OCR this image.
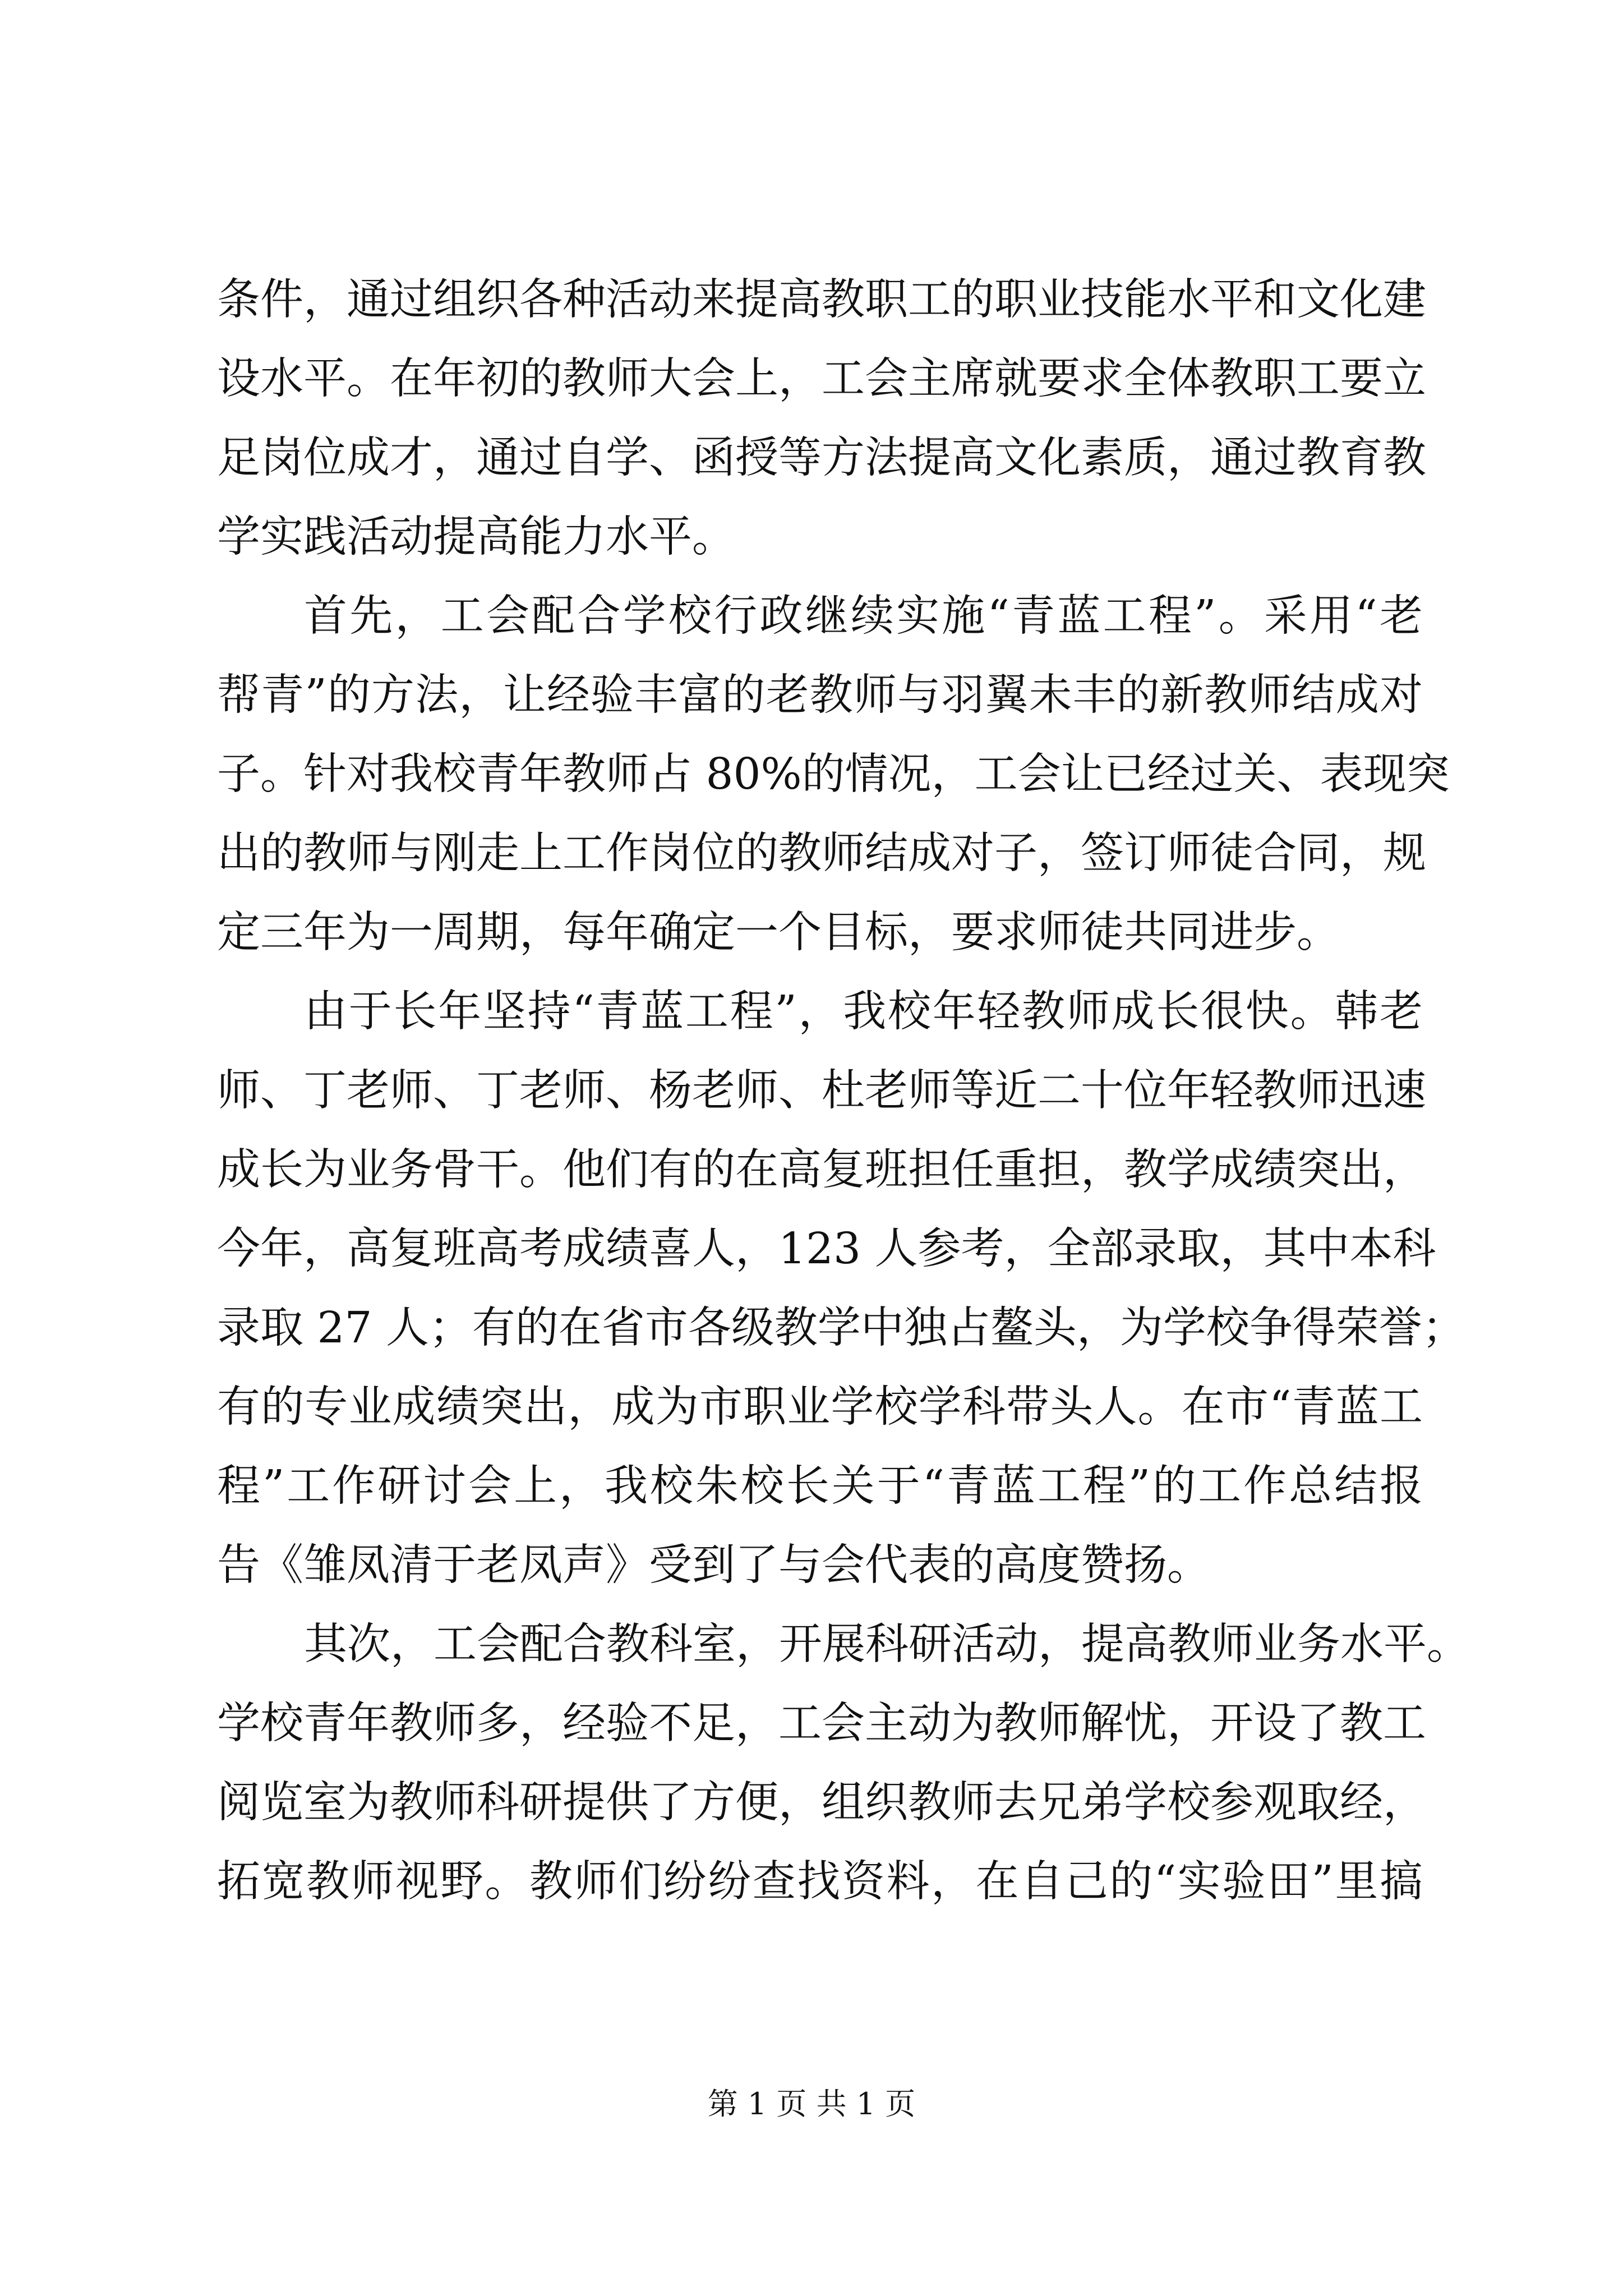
条件，通过组织各种活动来提高教职工的职业技能水平和文化建
设水平。在年初的教师大会上，工会主席就要求全体教职工要立
足岗位成才，通过自学、函授等方法提高文化素质，通过教育教
学实践活动提高能力水平。
首先，工会配合学校行政继续实施“青蓝工程”。采用“老
帮青”的方法，让经验丰富的老教师与羽翼未丰的新教师结成对
子。针对我校青年教师占 80%的情况，工会让已经过关、表现突
出的教师与刚走上工作岗位的教师结成对子，签订师徒合同，规
定三年为一周期，每年确定一个目标，要求师徒共同进步。
由于长年坚持“青蓝工程”，我校年轻教师成长很快。韩老
师、丁老师、丁老师、杨老师、杜老师等近二十位年轻教师迅速
成长为业务骨干。他们有的在高复班担任重担，教学成绩突出，
今年，高复班高考成绩喜人，123 人参考，全部录取，其中本科
录取 27 人；有的在省市各级教学中独占鳌头，为学校争得荣誉；
有的专业成绩突出，成为市职业学校学科带头人。在市“青蓝工
程”工作研讨会上，我校朱校长关于“青蓝工程”的工作总结报
告《雏凤清于老凤声》受到了与会代表的高度赞扬。
其次，工会配合教科室，开展科研活动，提高教师业务水平。
学校青年教师多，经验不足，工会主动为教师解忧，开设了教工
阅览室为教师科研提供了方便，组织教师去兄弟学校参观取经，
拓宽教师视野。教师们纷纷查找资料，在自己的“实验田”里搞
第 1 页 共 1 页
